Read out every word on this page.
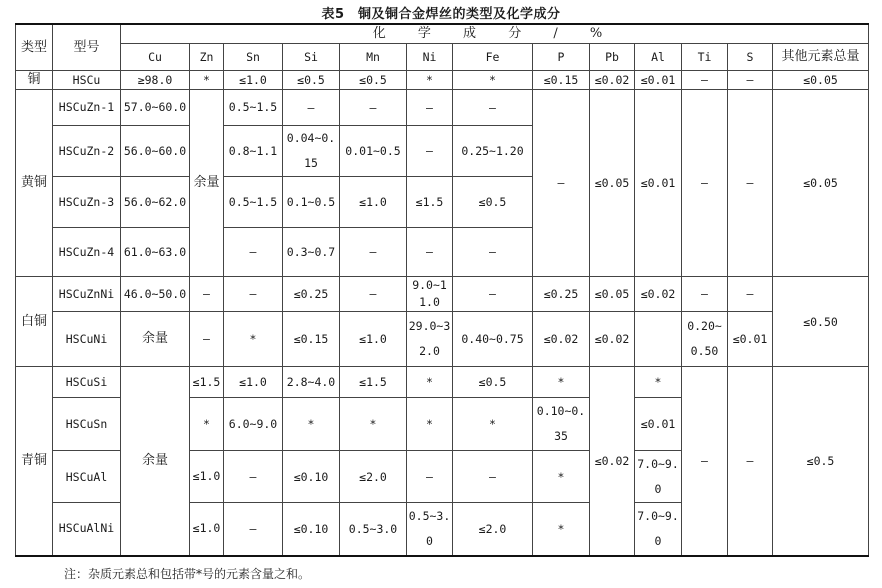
表5　铜及铜合金焊丝的类型及化学成分
类型	型号	化 学 成 分 / %												
		Cu	Zn	Sn	Si	Mn	Ni	Fe	P	Pb	Al	Ti	S	其他元素总量
铜	HSCu	≥98.0	*	≤1.0	≤0.5	≤0.5	*	*	≤0.15	≤0.02	≤0.01	—	—	≤0.05
黄铜	HSCuZn-1	57.0~60.0	余量	0.5~1.5	—	—	—	—	—	≤0.05	≤0.01	—	—	≤0.05
	HSCuZn-2	56.0~60.0		0.8~1.1	0.04~0.15	0.01~0.5	—	0.25~1.20						
	HSCuZn-3	56.0~62.0		0.5~1.5	0.1~0.5	≤1.0	≤1.5	≤0.5						
	HSCuZn-4	61.0~63.0		—	0.3~0.7	—	—	—						
白铜	HSCuZnNi	46.0~50.0	—	—	≤0.25	—	9.0~11.0	—	≤0.25	≤0.05	≤0.02	—	—	≤0.50
	HSCuNi	余量	—	*	≤0.15	≤1.0	29.0~32.0	0.40~0.75	≤0.02	≤0.02		0.20~0.50	≤0.01	
青铜	HSCuSi	余量	≤1.5	≤1.0	2.8~4.0	≤1.5	*	≤0.5	*	≤0.02	*	—	—	≤0.5
	HSCuSn		*	6.0~9.0	*	*	*	*	0.10~0.35		≤0.01			
	HSCuAl		≤1.0	—	≤0.10	≤2.0	—	—	*		7.0~9.0			
	HSCuAlNi		≤1.0	—	≤0.10	0.5~3.0	0.5~3.0	≤2.0	*		7.0~9.0			
注：杂质元素总和包括带*号的元素含量之和。
